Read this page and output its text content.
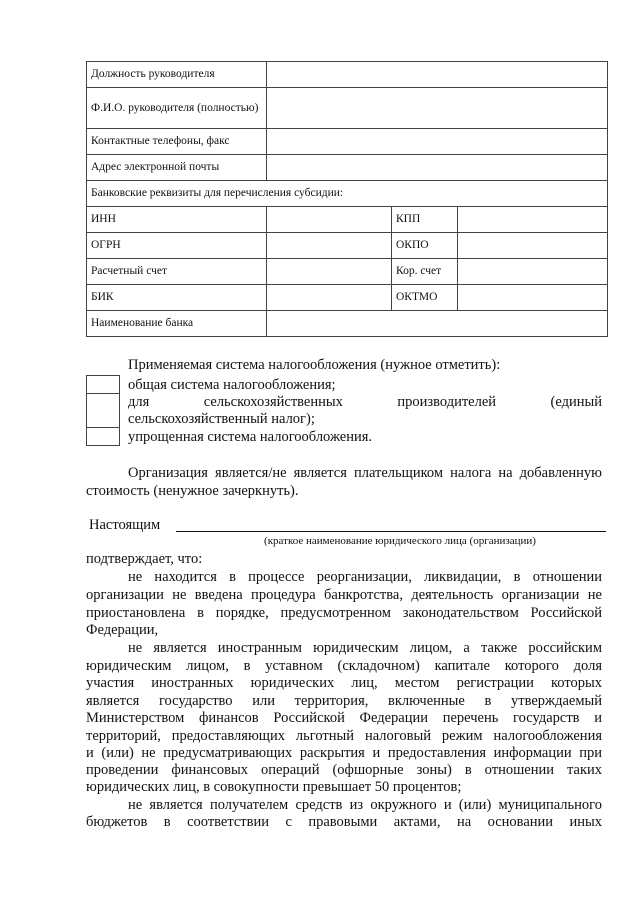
Должность руководителя			
Ф.И.О. руководителя (полностью)			
Контактные телефоны, факс			
Адрес электронной почты			
Банковские реквизиты для перечисления субсидии:			
ИНН		КПП	
ОГРН		ОКПО	
Расчетный счет		Кор. счет	
БИК		ОКТМО	
Наименование банка			

Применяемая система налогообложения (нужное отметить):

общая система налогообложения;

для сельскохозяйственных производителей (единый

сельскохозяйственный налог);

упрощенная система налогообложения.

Организация является/не является плательщиком налога на добавленную

стоимость (ненужное зачеркнуть).

Настоящим

(краткое наименование юридического лица (организации)

подтверждает, что:

не находится в процессе реорганизации, ликвидации, в отношении

организации не введена процедура банкротства, деятельность организации не

приостановлена в порядке, предусмотренном законодательством Российской

Федерации,

не является иностранным юридическим лицом, а также российским

юридическим лицом, в уставном (складочном) капитале которого доля

участия иностранных юридических лиц, местом регистрации которых

является государство или территория, включенные в утверждаемый

Министерством финансов Российской Федерации перечень государств и

территорий, предоставляющих льготный налоговый режим налогообложения

и (или) не предусматривающих раскрытия и предоставления информации при

проведении финансовых операций (офшорные зоны) в отношении таких

юридических лиц, в совокупности превышает 50 процентов;

не является получателем средств из окружного и (или) муниципального

бюджетов в соответствии с правовыми актами, на основании иных
